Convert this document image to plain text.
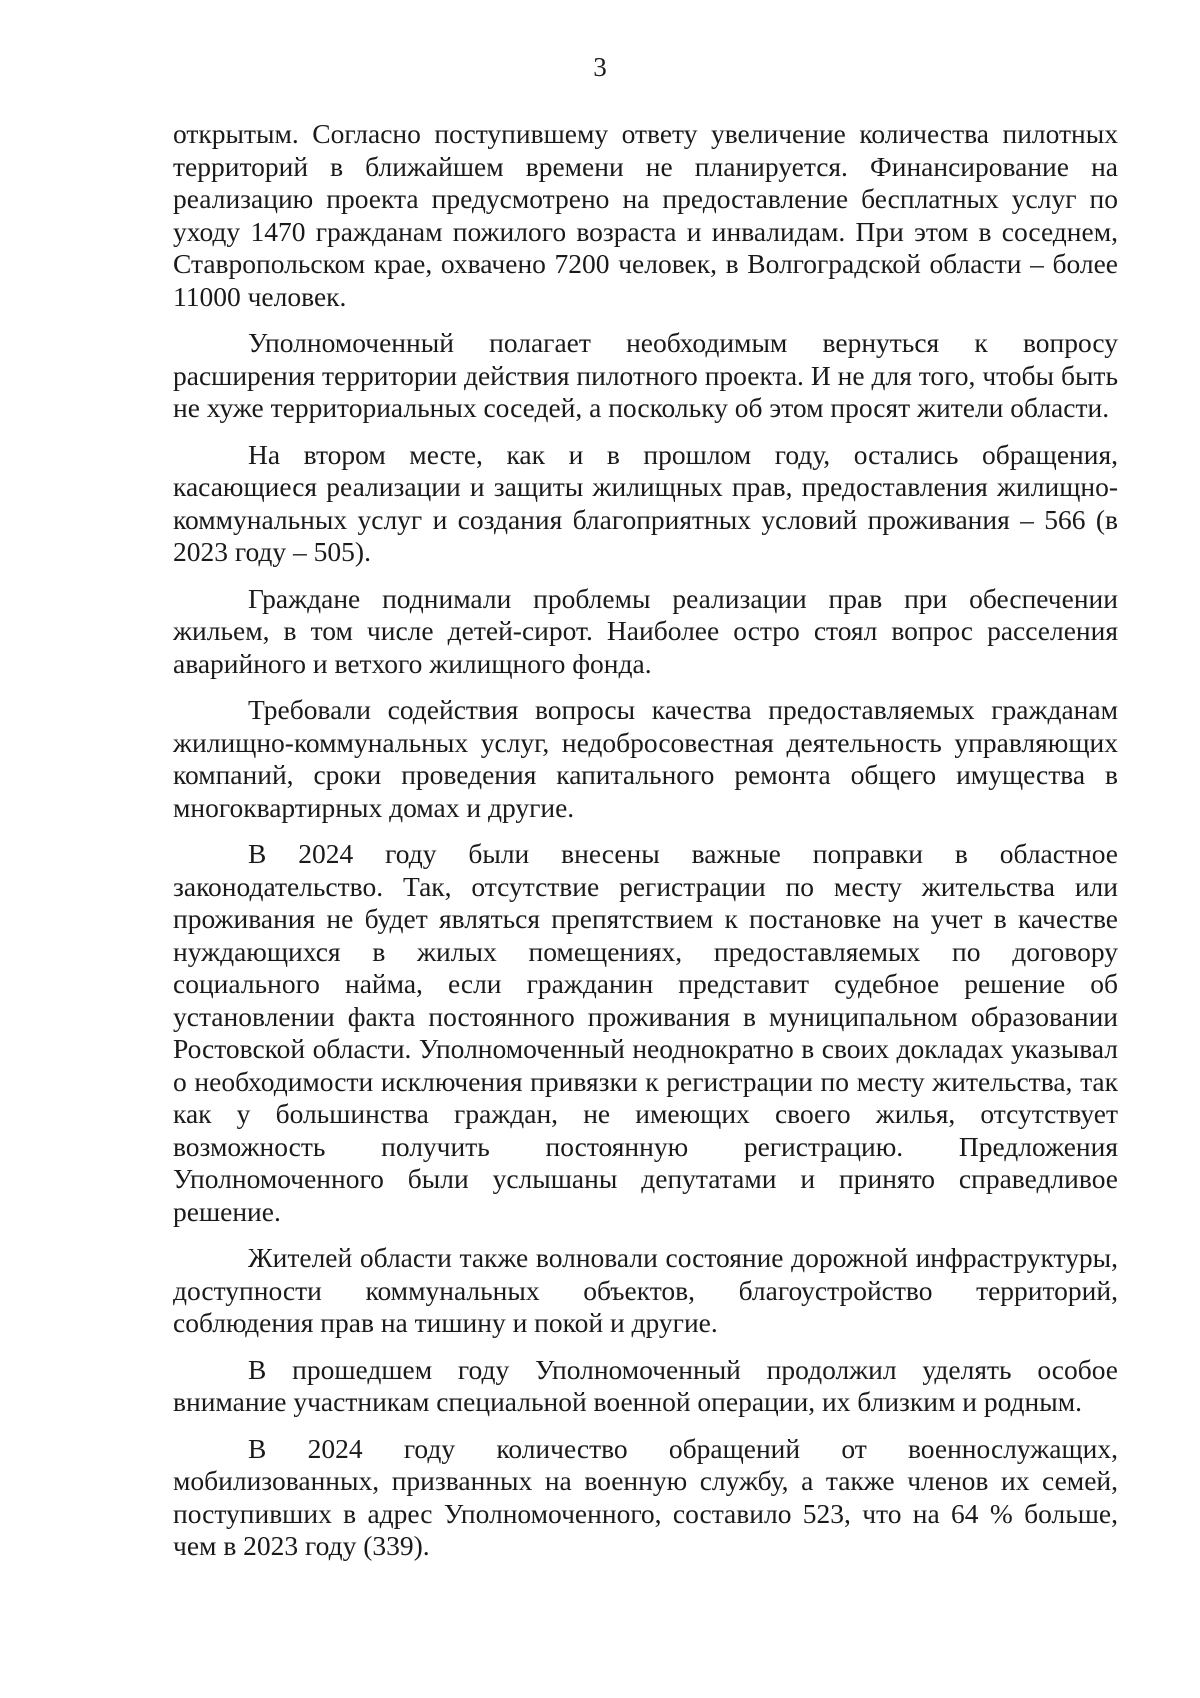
3

открытым. Согласно поступившему ответу увеличение количества пилотных территорий в ближайшем времени не планируется. Финансирование на реализацию проекта предусмотрено на предоставление бесплатных услуг по уходу 1470 гражданам пожилого возраста и инвалидам. При этом в соседнем, Ставропольском крае, охвачено 7200 человек, в Волгоградской области – более 11000 человек.

Уполномоченный полагает необходимым вернуться к вопросу расширения территории действия пилотного проекта. И не для того, чтобы быть не хуже территориальных соседей, а поскольку об этом просят жители области.

На втором месте, как и в прошлом году, остались обращения, касающиеся реализации и защиты жилищных прав, предоставления жилищно-коммунальных услуг и создания благоприятных условий проживания – 566 (в 2023 году – 505).

Граждане поднимали проблемы реализации прав при обеспечении жильем, в том числе детей-сирот. Наиболее остро стоял вопрос расселения аварийного и ветхого жилищного фонда.

Требовали содействия вопросы качества предоставляемых гражданам жилищно-коммунальных услуг, недобросовестная деятельность управляющих компаний, сроки проведения капитального ремонта общего имущества в многоквартирных домах и другие.

В 2024 году были внесены важные поправки в областное законодательство. Так, отсутствие регистрации по месту жительства или проживания не будет являться препятствием к постановке на учет в качестве нуждающихся в жилых помещениях, предоставляемых по договору социального найма, если гражданин представит судебное решение об установлении факта постоянного проживания в муниципальном образовании Ростовской области. Уполномоченный неоднократно в своих докладах указывал о необходимости исключения привязки к регистрации по месту жительства, так как у большинства граждан, не имеющих своего жилья, отсутствует возможность получить постоянную регистрацию. Предложения Уполномоченного были услышаны депутатами и принято справедливое решение.

Жителей области также волновали состояние дорожной инфраструктуры, доступности коммунальных объектов, благоустройство территорий, соблюдения прав на тишину и покой и другие.

В прошедшем году Уполномоченный продолжил уделять особое внимание участникам специальной военной операции, их близким и родным.

В 2024 году количество обращений от военнослужащих, мобилизованных, призванных на военную службу, а также членов их семей, поступивших в адрес Уполномоченного, составило 523, что на 64 % больше, чем в 2023 году (339).
